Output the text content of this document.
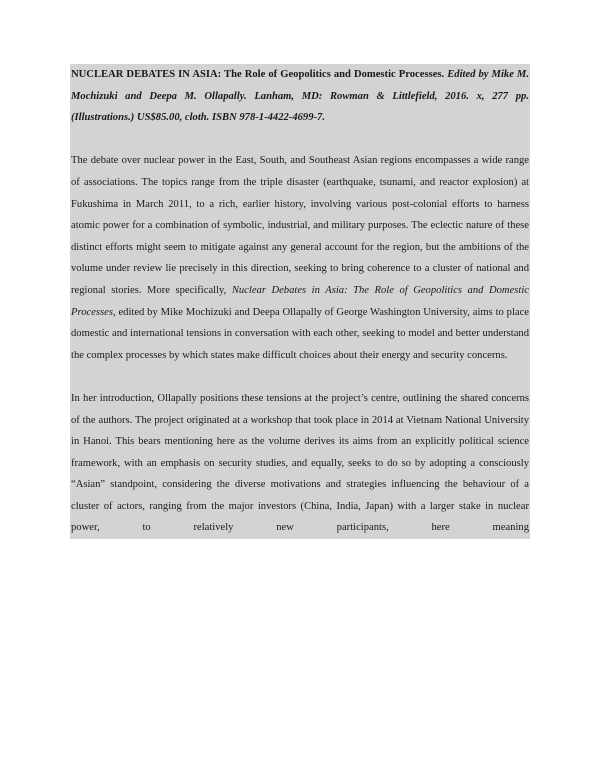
NUCLEAR DEBATES IN ASIA: The Role of Geopolitics and Domestic Processes. Edited by Mike M. Mochizuki and Deepa M. Ollapally. Lanham, MD: Rowman & Littlefield, 2016. x, 277 pp. (Illustrations.) US$85.00, cloth. ISBN 978-1-4422-4699-7.

The debate over nuclear power in the East, South, and Southeast Asian regions encompasses a wide range of associations. The topics range from the triple disaster (earthquake, tsunami, and reactor explosion) at Fukushima in March 2011, to a rich, earlier history, involving various post-colonial efforts to harness atomic power for a combination of symbolic, industrial, and military purposes. The eclectic nature of these distinct efforts might seem to mitigate against any general account for the region, but the ambitions of the volume under review lie precisely in this direction, seeking to bring coherence to a cluster of national and regional stories. More specifically, Nuclear Debates in Asia: The Role of Geopolitics and Domestic Processes, edited by Mike Mochizuki and Deepa Ollapally of George Washington University, aims to place domestic and international tensions in conversation with each other, seeking to model and better understand the complex processes by which states make difficult choices about their energy and security concerns.

In her introduction, Ollapally positions these tensions at the project’s centre, outlining the shared concerns of the authors. The project originated at a workshop that took place in 2014 at Vietnam National University in Hanoi. This bears mentioning here as the volume derives its aims from an explicitly political science framework, with an emphasis on security studies, and equally, seeks to do so by adopting a consciously “Asian” standpoint, considering the diverse motivations and strategies influencing the behaviour of a cluster of actors, ranging from the major investors (China, India, Japan) with a larger stake in nuclear power, to relatively new participants, here meaning
